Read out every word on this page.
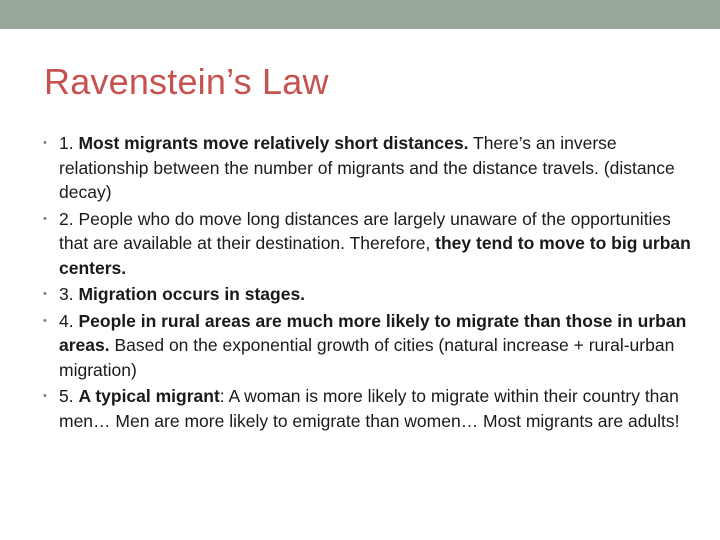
Ravenstein’s Law
• 1. Most migrants move relatively short distances. There’s an inverse relationship between the number of migrants and the distance travels. (distance decay)
• 2. People who do move long distances are largely unaware of the opportunities that are available at their destination. Therefore, they tend to move to big urban centers.
• 3. Migration occurs in stages.
• 4. People in rural areas are much more likely to migrate than those in urban areas. Based on the exponential growth of cities (natural increase + rural-urban migration)
• 5. A typical migrant: A woman is more likely to migrate within their country than men… Men are more likely to emigrate than women… Most migrants are adults!
